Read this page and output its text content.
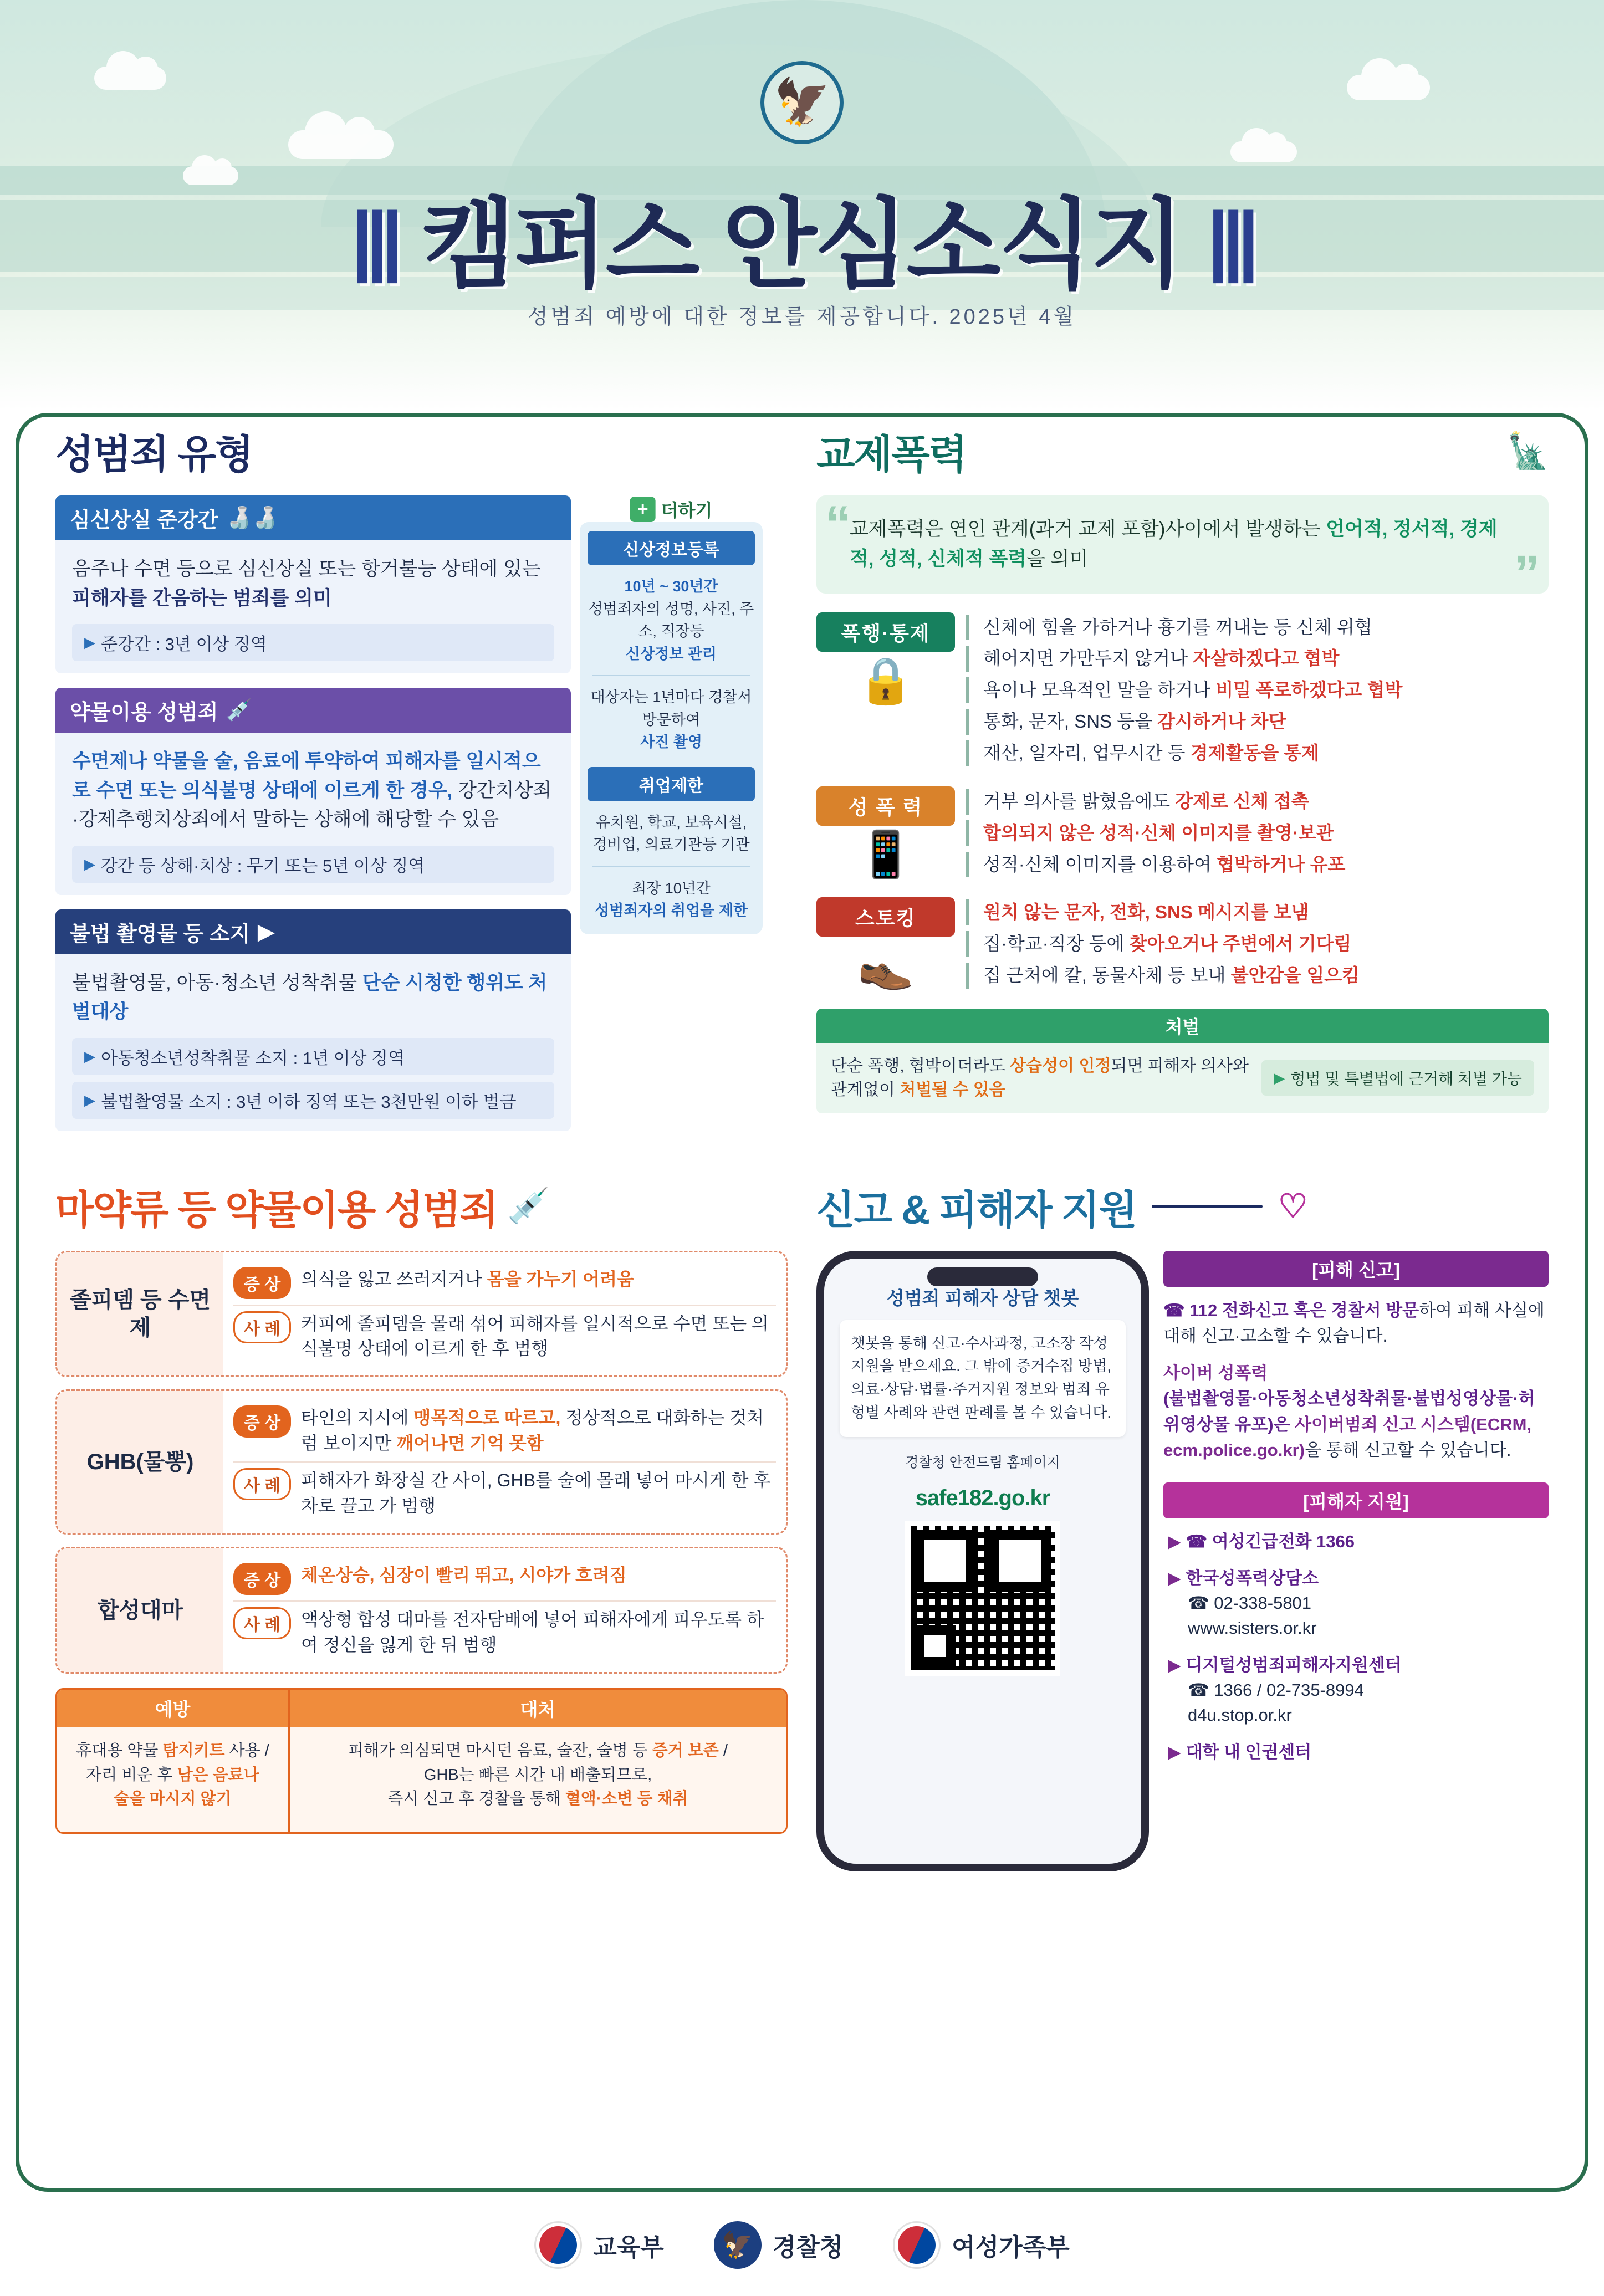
🦅
||| 캠퍼스 안심소식지 |||
성범죄 예방에 대한 정보를 제공합니다. 2025년 4월
성범죄 유형
심신상실 준강간 🍶🍶

음주나 수면 등으로 심신상실 또는 항거불능 상태에 있는 피해자를 간음하는 범죄를 의미

▶ 준강간 : 3년 이상 징역
약물이용 성범죄 💉

수면제나 약물을 술, 음료에 투약하여 피해자를 일시적으로 수면 또는 의식불명 상태에 이르게 한 경우, 강간치상죄·강제추행치상죄에서 말하는 상해에 해당할 수 있음

▶ 강간 등 상해·치상 : 무기 또는 5년 이상 징역
불법 촬영물 등 소지 ▶︎

불법촬영물, 아동·청소년 성착취물 단순 시청한 행위도 처벌대상

▶ 아동청소년성착취물 소지 : 1년 이상 징역
▶ 불법촬영물 소지 : 3년 이하 징역 또는 3천만원 이하 벌금
+ 더하기
신상정보등록
10년 ~ 30년간
성범죄자의 성명, 사진, 주소, 직장등
신상정보 관리
대상자는 1년마다 경찰서 방문하여
사진 촬영
취업제한
유치원, 학교, 보육시설, 경비업, 의료기관등 기관
최장 10년간
성범죄자의 취업을 제한
교제폭력	🗽
“
”

교제폭력은 연인 관계(과거 교제 포함)사이에서 발생하는 언어적, 정서적, 경제적, 성적, 신체적 폭력을 의미

폭행·통제
🔒
신체에 힘을 가하거나 흉기를 꺼내는 등 신체 위협
헤어지면 가만두지 않거나 자살하겠다고 협박
욕이나 모욕적인 말을 하거나 비밀 폭로하겠다고 협박
통화, 문자, SNS 등을 감시하거나 차단
재산, 일자리, 업무시간 등 경제활동을 통제
성 폭 력
📱
거부 의사를 밝혔음에도 강제로 신체 접촉
합의되지 않은 성적·신체 이미지를 촬영·보관
성적·신체 이미지를 이용하여 협박하거나 유포
스토킹
👞
원치 않는 문자, 전화, SNS 메시지를 보냄
집·학교·직장 등에 찾아오거나 주변에서 기다림
집 근처에 칼, 동물사체 등 보내 불안감을 일으킴
처벌
단순 폭행, 협박이더라도 상습성이 인정되면 피해자 의사와 관계없이 처벌될 수 있음
▶ 형법 및 특별법에 근거해 처벌 가능
마약류 등 약물이용 성범죄 💉
졸피뎀 등 수면제
증 상	의식을 잃고 쓰러지거나 몸을 가누기 어려움
사 례	커피에 졸피뎀을 몰래 섞어 피해자를 일시적으로 수면 또는 의식불명 상태에 이르게 한 후 범행
GHB(물뽕)
증 상	타인의 지시에 맹목적으로 따르고, 정상적으로 대화하는 것처럼 보이지만 깨어나면 기억 못함
사 례	피해자가 화장실 간 사이, GHB를 술에 몰래 넣어 마시게 한 후 차로 끌고 가 범행
합성대마
증 상	체온상승, 심장이 빨리 뛰고, 시야가 흐려짐
사 례	액상형 합성 대마를 전자담배에 넣어 피해자에게 피우도록 하여 정신을 잃게 한 뒤 범행
예방
휴대용 약물 탐지키트 사용 /
자리 비운 후 남은 음료나
술을 마시지 않기
대처
피해가 의심되면 마시던 음료, 술잔, 술병 등 증거 보존 /
GHB는 빠른 시간 내 배출되므로,
즉시 신고 후 경찰을 통해 혈액·소변 등 채취
신고 & 피해자 지원	♡
성범죄 피해자 상담 챗봇
챗봇을 통해 신고·수사과정, 고소장 작성 지원을 받으세요. 그 밖에 증거수집 방법, 의료·상담·법률·주거지원 정보와 범죄 유형별 사례와 관련 판례를 볼 수 있습니다.
경찰청 안전드림 홈페이지
safe182.go.kr
[피해 신고]

☎ 112 전화신고 혹은 경찰서 방문하여 피해 사실에 대해 신고·고소할 수 있습니다.

사이버 성폭력
(불법촬영물·아동청소년성착취물·불법성영상물·허위영상물 유포)은 사이버범죄 신고 시스템(ECRM, ecm.police.go.kr)을 통해 신고할 수 있습니다.

[피해자 지원]
▶ ☎ 여성긴급전화 1366
▶ 한국성폭력상담소
☎ 02-338-5801
www.sisters.or.kr
▶ 디지털성범죄피해자지원센터
☎ 1366 / 02-735-8994
d4u.stop.or.kr
▶ 대학 내 인권센터
교육부 🦅 경찰청	여성가족부
